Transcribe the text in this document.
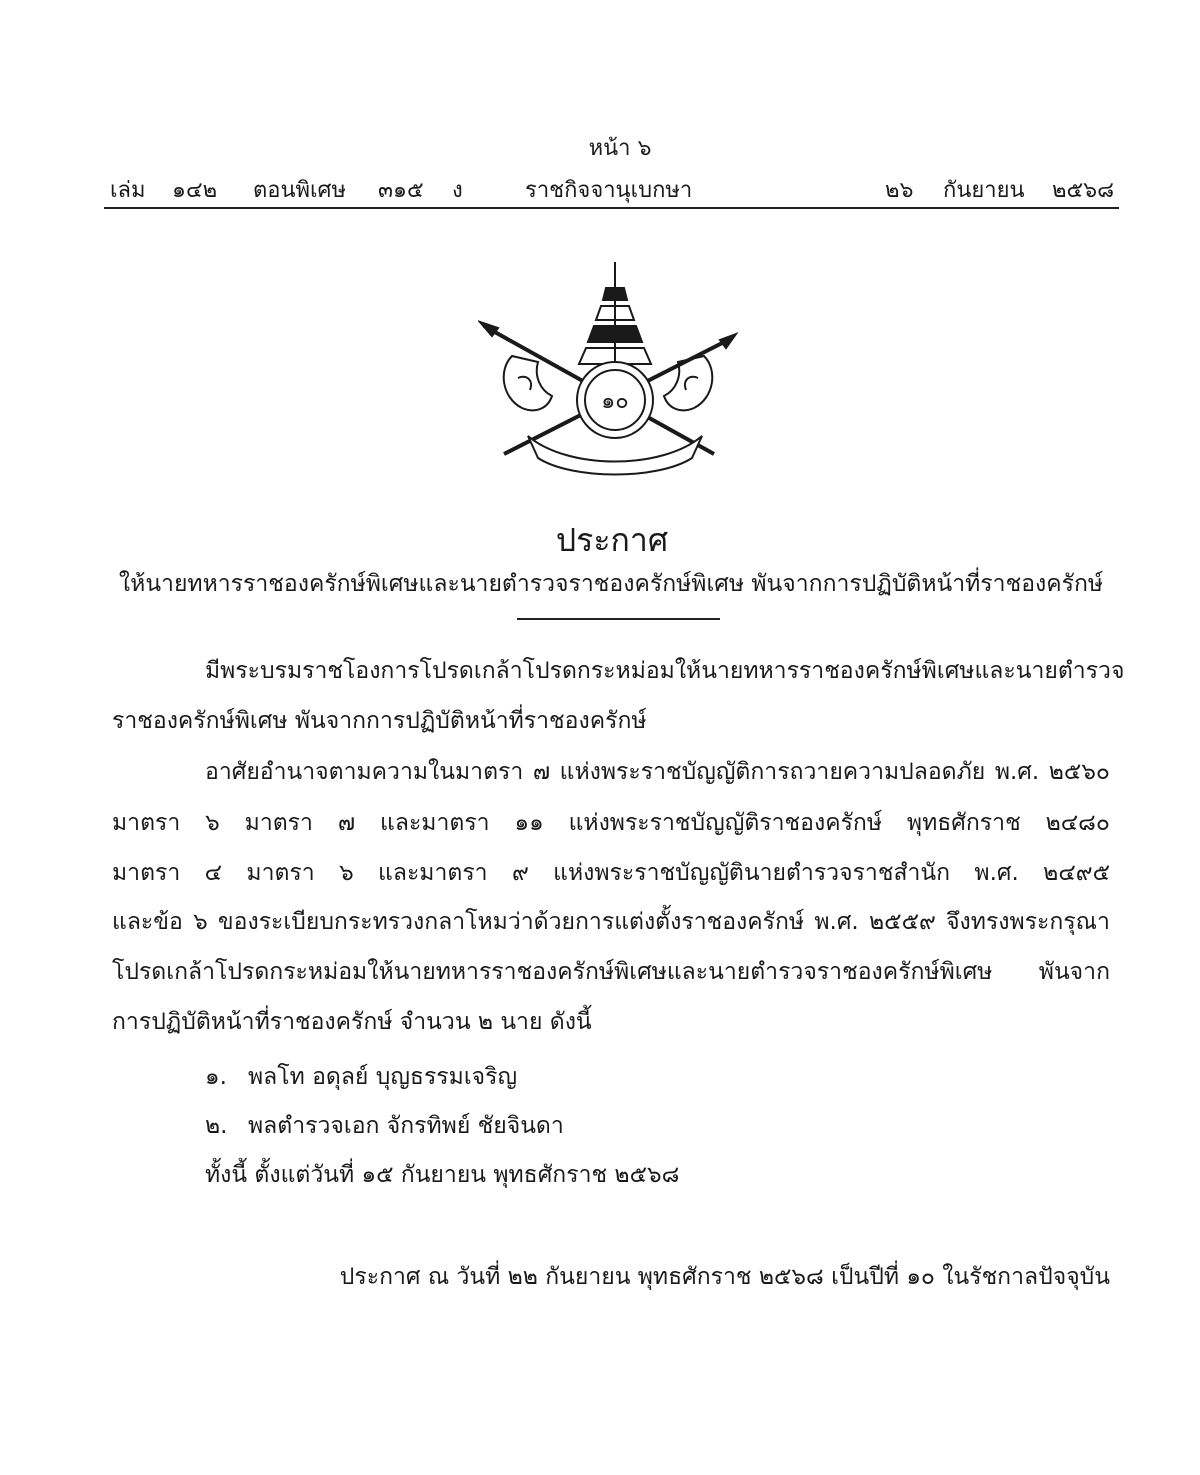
หน้า ๖
เล่ม ๑๔๒ ตอนพิเศษ ๓๑๕ ง	ราชกิจจานุเบกษา	๒๖ กันยายน ๒๕๖๘
๑๐
ประกาศ
ให้นายทหารราชองครักษ์พิเศษและนายตำรวจราชองครักษ์พิเศษ พันจากการปฏิบัติหน้าที่ราชองครักษ์
มีพระบรมราชโองการโปรดเกล้าโปรดกระหม่อมให้นายทหารราชองครักษ์พิเศษและนายตำรวจ
ราชองครักษ์พิเศษ พันจากการปฏิบัติหน้าที่ราชองครักษ์
อาศัยอำนาจตามความในมาตรา ๗ แห่งพระราชบัญญัติการถวายความปลอดภัย พ.ศ. ๒๕๖๐
มาตรา ๖ มาตรา ๗ และมาตรา ๑๑ แห่งพระราชบัญญัติราชองครักษ์ พุทธศักราช ๒๔๘๐
มาตรา ๔ มาตรา ๖ และมาตรา ๙ แห่งพระราชบัญญัตินายตำรวจราชสำนัก พ.ศ. ๒๔๙๕
และข้อ ๖ ของระเบียบกระทรวงกลาโหมว่าด้วยการแต่งตั้งราชองครักษ์ พ.ศ. ๒๕๕๙ จึงทรงพระกรุณา
โปรดเกล้าโปรดกระหม่อมให้นายทหารราชองครักษ์พิเศษและนายตำรวจราชองครักษ์พิเศษ พันจาก
การปฏิบัติหน้าที่ราชองครักษ์ จำนวน ๒ นาย ดังนี้
๑. พลโท อดุลย์ บุญธรรมเจริญ
๒. พลตำรวจเอก จักรทิพย์ ชัยจินดา
ทั้งนี้ ตั้งแต่วันที่ ๑๕ กันยายน พุทธศักราช ๒๕๖๘
ประกาศ ณ วันที่ ๒๒ กันยายน พุทธศักราช ๒๕๖๘ เป็นปีที่ ๑๐ ในรัชกาลปัจจุบัน
